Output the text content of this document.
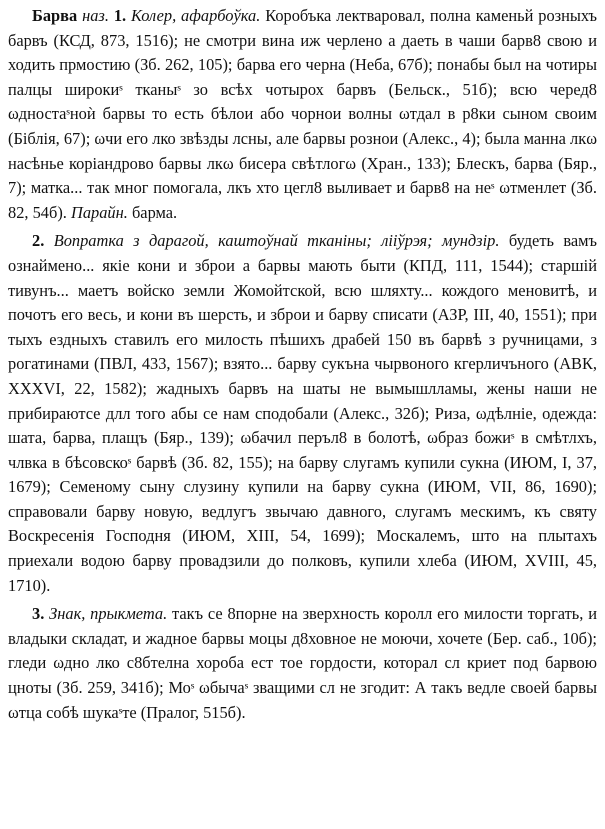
Барва наз. 1. Колер, афарбоўка. Коробъка лектваровал, полна каменьй розныхъ барвъ (КСД, 873, 1516); не смотри вина иж черлено а даеть в чаши барв8 свою и ходить прмостию (Зб. 262, 105); барва его черна (Неба, 67б); понабы был на чотиры палцы широкиˢ тканыˢ зо всѣх чотырох барвъ (Бельск., 51б); всю черед8 ωдностаˢноѝ барвы то есть бѣлои або чорнои волны ωтдал в р8ки сыном своим (Біблія, 67); ωчи его лко звѣзды лсны, але барвы рознои (Алекс., 4); была манна лкω насѣнье коріандрово барвы лкω бисера свѣтлогω (Хран., 133); Блескъ, барва (Бяр., 7); матка... так мног помогала, лкъ хто цегл8 выливает и барв8 на неˢ ωтменлет (Зб. 82, 54б). Парайн. барма.

2. Вопратка з дарагой, каштоўнай тканіны; лііўрэя; мундзір. будеть вамъ ознаймено... якіе кони и зброи а барвы мають быти (КПД, 111, 1544); старшій тивунъ... маетъ войско земли Жомойтской, всю шляхту... кождого меновитѣ, и почотъ его весь, и кони въ шерсть, и зброи и барву списати (АЗР, III, 40, 1551); при тыхъ ездныхъ ставилъ его милость пѣшихъ драбей 150 въ барвѣ з ручницами, з рогатинами (ПВЛ, 433, 1567); взято... барву сукъна чырвоного кгерличъного (АВК, XXXVI, 22, 1582); жадныхъ барвъ на шаты не вымышлламы, жены наши не прибираютсе длл того абы се нам сподобали (Алекс., 32б); Риза, ωдѣлніе, одежда: шата, барва, плащъ (Бяр., 139); ωбачил перъл8 в болотѣ, ωбраз божиˢ в смѣтлхъ, члвка в бѣсовскоˢ барвѣ (Зб. 82, 155); на барву слугамъ купили сукна (ИЮМ, I, 37, 1679); Семеному сыну слузину купили на барву сукна (ИЮМ, VII, 86, 1690); справовали барву новую, ведлугъ звычаю давного, слугамъ мескимъ, къ святу Воскресенія Господня (ИЮМ, XIII, 54, 1699); Москалемъ, што на плытахъ приехали водою барву провадзили до полковъ, купили хлеба (ИЮМ, XVIII, 45, 1710).

3. Знак, прыкмета. такъ се 8порне на зверхность королл его милости торгать, и владыки складат, и жадное барвы моцы д8ховное не моючи, хочете (Бер. саб., 10б); гледи ωдно лко с8бтелна хороба ест тое гордости, которал сл криет под барвою цноты (Зб. 259, 341б); Моˢ ωбычаˢ зващими сл не згодит: А такъ ведле своей барвы ωтца собѣ шукаˢте (Пралог, 515б).
